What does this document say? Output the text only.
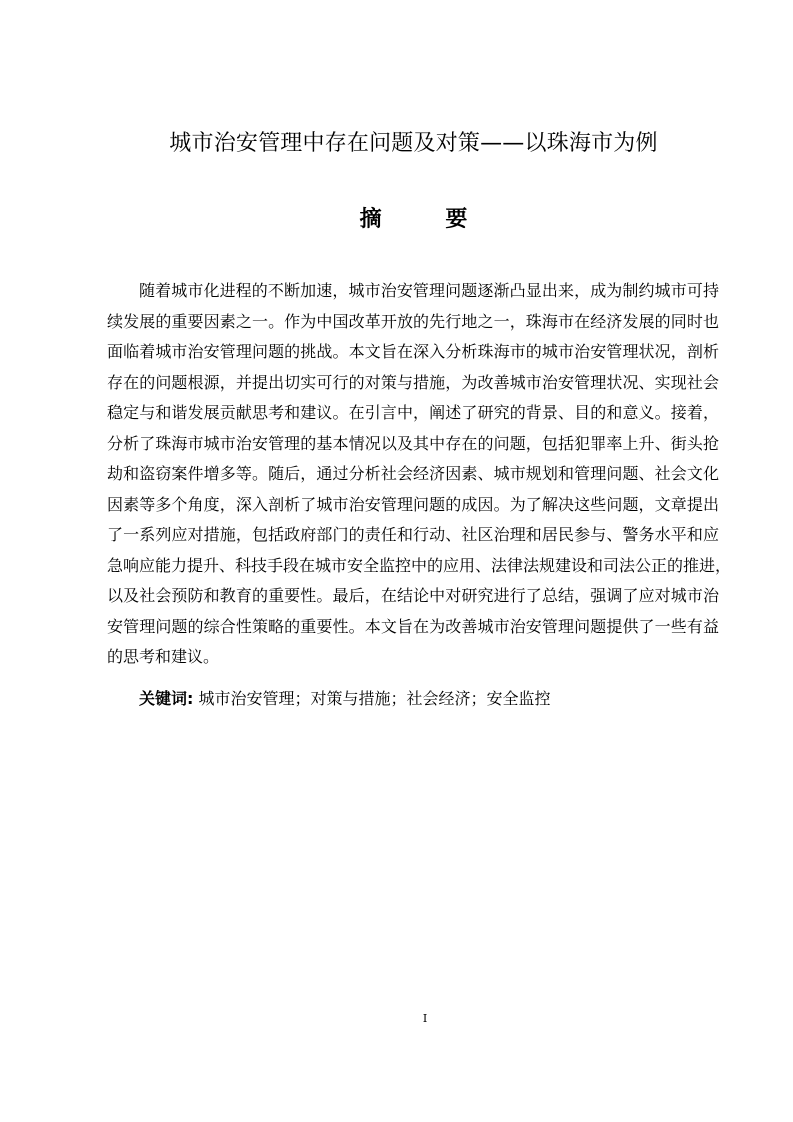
城市治安管理中存在问题及对策——以珠海市为例
摘 要
随着城市化进程的不断加速，城市治安管理问题逐渐凸显出来，成为制约城市可持
续发展的重要因素之一。作为中国改革开放的先行地之一，珠海市在经济发展的同时也
面临着城市治安管理问题的挑战。本文旨在深入分析珠海市的城市治安管理状况，剖析
存在的问题根源，并提出切实可行的对策与措施，为改善城市治安管理状况、实现社会
稳定与和谐发展贡献思考和建议。在引言中，阐述了研究的背景、目的和意义。接着，
分析了珠海市城市治安管理的基本情况以及其中存在的问题，包括犯罪率上升、街头抢
劫和盗窃案件增多等。随后，通过分析社会经济因素、城市规划和管理问题、社会文化
因素等多个角度，深入剖析了城市治安管理问题的成因。为了解决这些问题，文章提出
了一系列应对措施，包括政府部门的责任和行动、社区治理和居民参与、警务水平和应
急响应能力提升、科技手段在城市安全监控中的应用、法律法规建设和司法公正的推进，
以及社会预防和教育的重要性。最后，在结论中对研究进行了总结，强调了应对城市治
安管理问题的综合性策略的重要性。本文旨在为改善城市治安管理问题提供了一些有益
的思考和建议。
关键词: 城市治安管理；对策与措施；社会经济；安全监控
I
